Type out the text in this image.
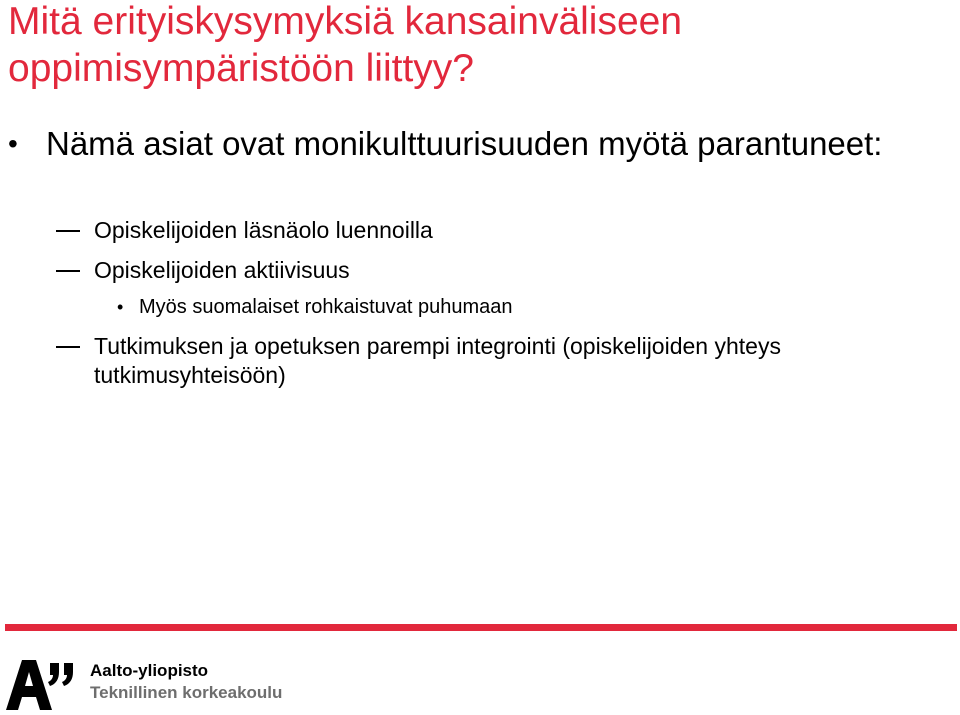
Mitä erityiskysymyksiä kansainväliseen oppimisympäristöön liittyy?
• Nämä asiat ovat monikulttuurisuuden myötä parantuneet:
Opiskelijoiden läsnäolo luennoilla
Opiskelijoiden aktiivisuus
• Myös suomalaiset rohkaistuvat puhumaan
Tutkimuksen ja opetuksen parempi integrointi (opiskelijoiden yhteys tutkimusyhteisöön)
Aalto-yliopisto
Teknillinen korkeakoulu
